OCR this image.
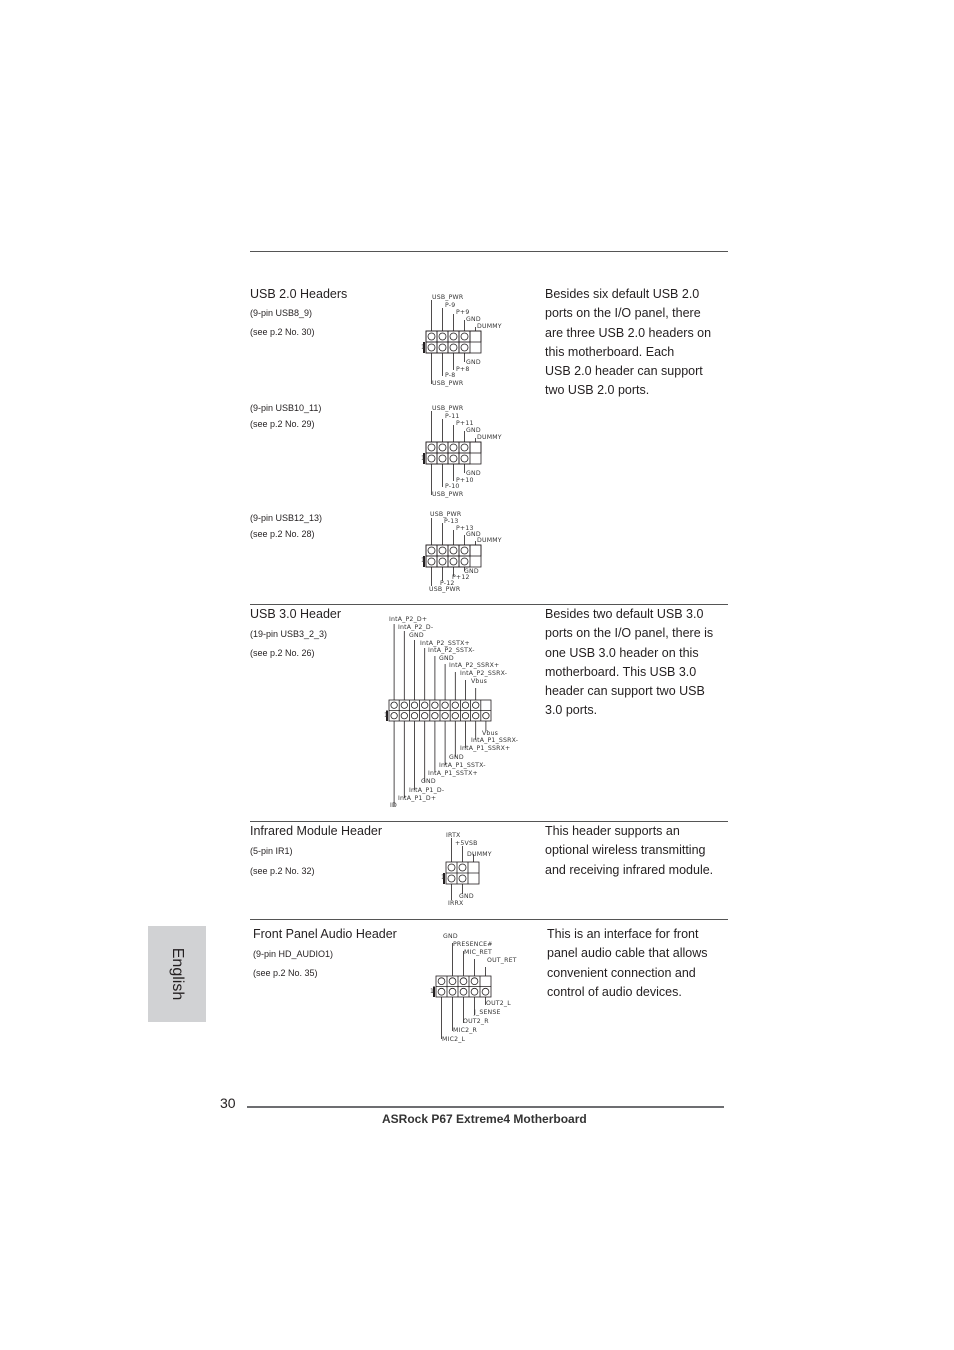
USB 2.0 Headers
(9-pin USB8_9)
(see p.2 No. 30)
(9-pin USB10_11)
(see p.2 No. 29)
(9-pin USB12_13)
(see p.2 No. 28)
Besides six default USB 2.0
ports on the I/O panel, there
are three USB 2.0 headers on
this motherboard. Each
USB 2.0 header can support
two USB 2.0 ports.
USB_PWR
P-9
P+9
GND
DUMMY
GND
P+8
P-8
USB_PWR
USB_PWR
P-11
P+11
GND
DUMMY
GND
P+10
P-10
USB_PWR
USB_PWR
P-13
P+13
GND
DUMMY
GND
P+12
P-12
USB_PWR
USB 3.0 Header
(19-pin USB3_2_3)
(see p.2 No. 26)
Besides two default USB 3.0
ports on the I/O panel, there is
one USB 3.0 header on this
motherboard. This USB 3.0
header can support two USB
3.0 ports.
IntA_P2_D+
IntA_P2_D-
GND
IntA_P2_SSTX+
IntA_P2_SSTX-
GND
IntA_P2_SSRX+
IntA_P2_SSRX-
Vbus
Vbus
IntA_P1_SSRX-
IntA_P1_SSRX+
GND
IntA_P1_SSTX-
IntA_P1_SSTX+
GND
IntA_P1_D-
IntA_P1_D+
ID
Infrared Module Header
(5-pin IR1)
(see p.2 No. 32)
This header supports an
optional wireless transmitting
and receiving infrared module.
IRTX
+5VSB
DUMMY
GND
IRRX
Front Panel Audio Header
(9-pin HD_AUDIO1)
(see p.2 No. 35)
This is an interface for front
panel audio cable that allows
convenient connection and
control of audio devices.
GND
PRESENCE#
MIC_RET
OUT_RET
OUT2_L
J_SENSE
OUT2_R
MIC2_L
MIC2_R
1
1
1
1
1
1
English
30
ASRock P67 Extreme4 Motherboard
